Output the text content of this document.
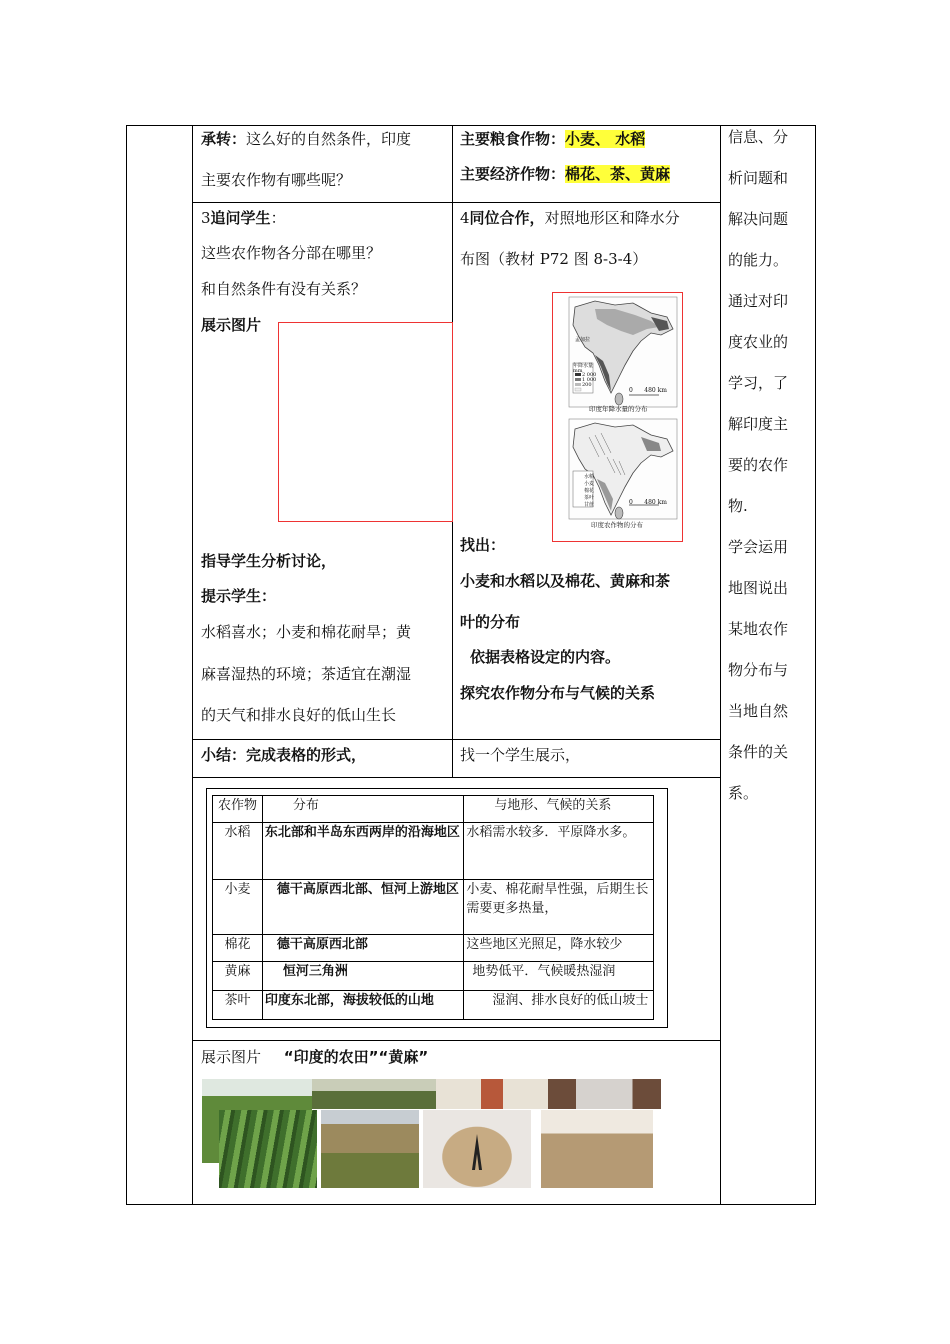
承转：这么好的自然条件，印度
主要农作物有哪些呢？
主要粮食作物：小麦、 水稻
主要经济作物：棉花、茶、黄麻
信息、分
析问题和
解决问题
的能力。
通过对印
度农业的
学习，了
解印度主
要的农作
物.
学会运用
地图说出
某地农作
物分布与
当地自然
条件的关
系。
3追问学生：
这些农作物各分部在哪里？
和自然条件有没有关系？
展示图片
指导学生分析讨论，
提示学生：
水稻喜水；小麦和棉花耐旱；黄
麻喜湿热的环境；茶适宜在潮湿
的天气和排水良好的低山生长
4同位合作，对照地形区和降水分
布图（教材 P72 图 8-3-4）
年降水量
mm
2 000
1 000
200
孟加拉
0      480 km
印度年降水量的分布
水稻
小麦
棉花
茶叶
甘蔗	0      480 km
印度农作物的分布
找出：
小麦和水稻以及棉花、黄麻和茶
叶的分布
依据表格设定的内容。
探究农作物分布与气候的关系
小结：完成表格的形式，	找一个学生展示，
农作物	分布	与地形、气候的关系
水稻	东北部和半岛东西两岸的沿海地区	水稻需水较多．平原降水多。
小麦	德干高原西北部、恒河上游地区	小麦、棉花耐旱性强，后期生长需要更多热量，
棉花	德干高原西北部	这些地区光照足，降水较少
黄麻	恒河三角洲	地势低平．气候暖热湿润
茶叶	印度东北部，海拔较低的山地	湿润、排水良好的低山坡士
展示图片 “印度的农田”“黄麻”
